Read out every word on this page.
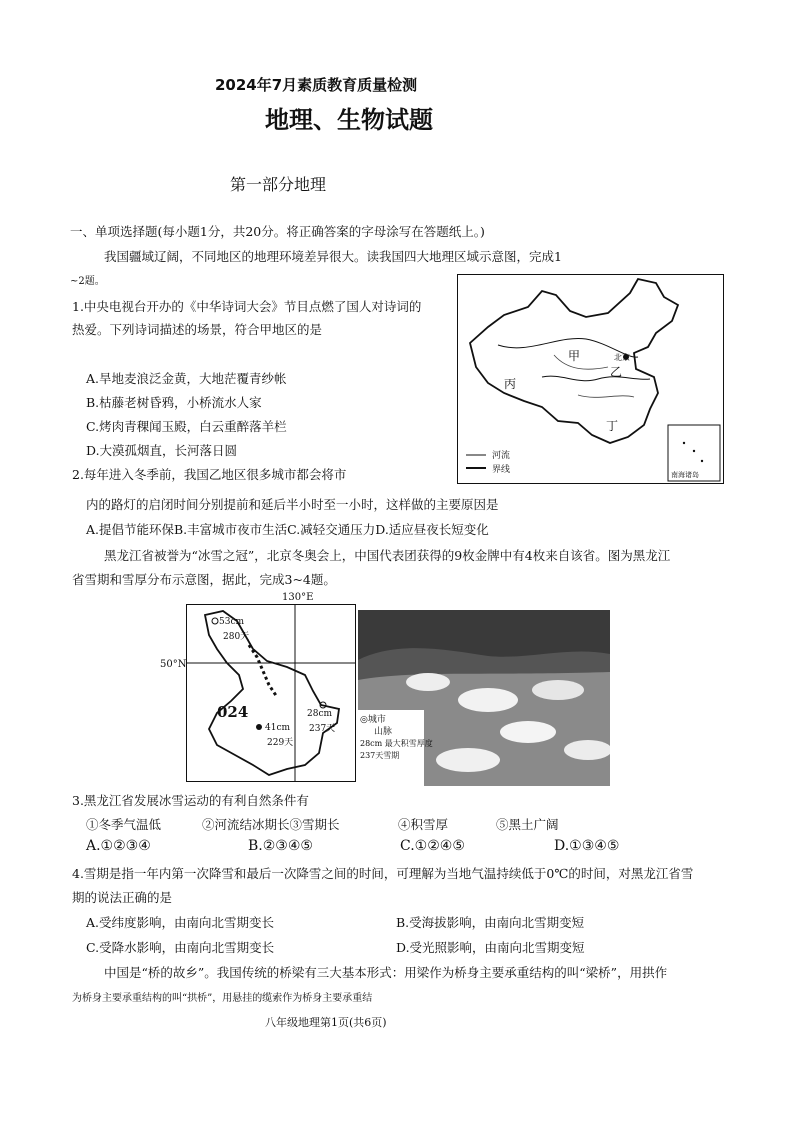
2024年7月素质教育质量检测
地理、生物试题
第一部分地理
一、单项选择题(每小题1分，共20分。将正确答案的字母涂写在答题纸上。)
我国疆域辽阔，不同地区的地理环境差异很大。读我国四大地理区域示意图，完成1
~2题。
1.中央电视台开办的《中华诗词大会》节目点燃了国人对诗词的
热爱。下列诗词描述的场景，符合甲地区的是
A.旱地麦浪泛金黄，大地茫覆青纱帐
B.枯藤老树昏鸦，小桥流水人家
C.烤肉青稞闻玉殿，白云重醉落羊栏
D.大漠孤烟直，长河落日圆
2.每年进入冬季前，我国乙地区很多城市都会将市
内的路灯的启闭时间分别提前和延后半小时至一小时，这样做的主要原因是
A.提倡节能环保B.丰富城市夜市生活C.减轻交通压力D.适应昼夜长短变化
甲
乙
丙
丁
北京
河流
界线	南海诸岛
黑龙江省被誉为“冰雪之冠”，北京冬奥会上，中国代表团获得的9枚金牌中有4枚来自该省。图为黑龙江
省雪期和雪厚分布示意图，据此，完成3~4题。
53cm
280天
28cm
237天
41cm
229天
024
130°E
50°N
◎城市
山脉
28cm 最大积雪厚度
237天雪期
3.黑龙江省发展冰雪运动的有利自然条件有
①冬季气温低	②河流结冰期长③雪期长	④积雪厚	⑤黑土广阔
A.①②③④	B.②③④⑤	C.①②④⑤	D.①③④⑤
4.雪期是指一年内第一次降雪和最后一次降雪之间的时间，可理解为当地气温持续低于0℃的时间，对黑龙江省雪
期的说法正确的是
A.受纬度影响，由南向北雪期变长	B.受海拔影响，由南向北雪期变短
C.受降水影响，由南向北雪期变长	D.受光照影响，由南向北雪期变短
中国是“桥的故乡”。我国传统的桥梁有三大基本形式：用梁作为桥身主要承重结构的叫“梁桥”，用拱作
为桥身主要承重结构的叫“拱桥”，用悬挂的缆索作为桥身主要承重结
八年级地理第1页(共6页)
